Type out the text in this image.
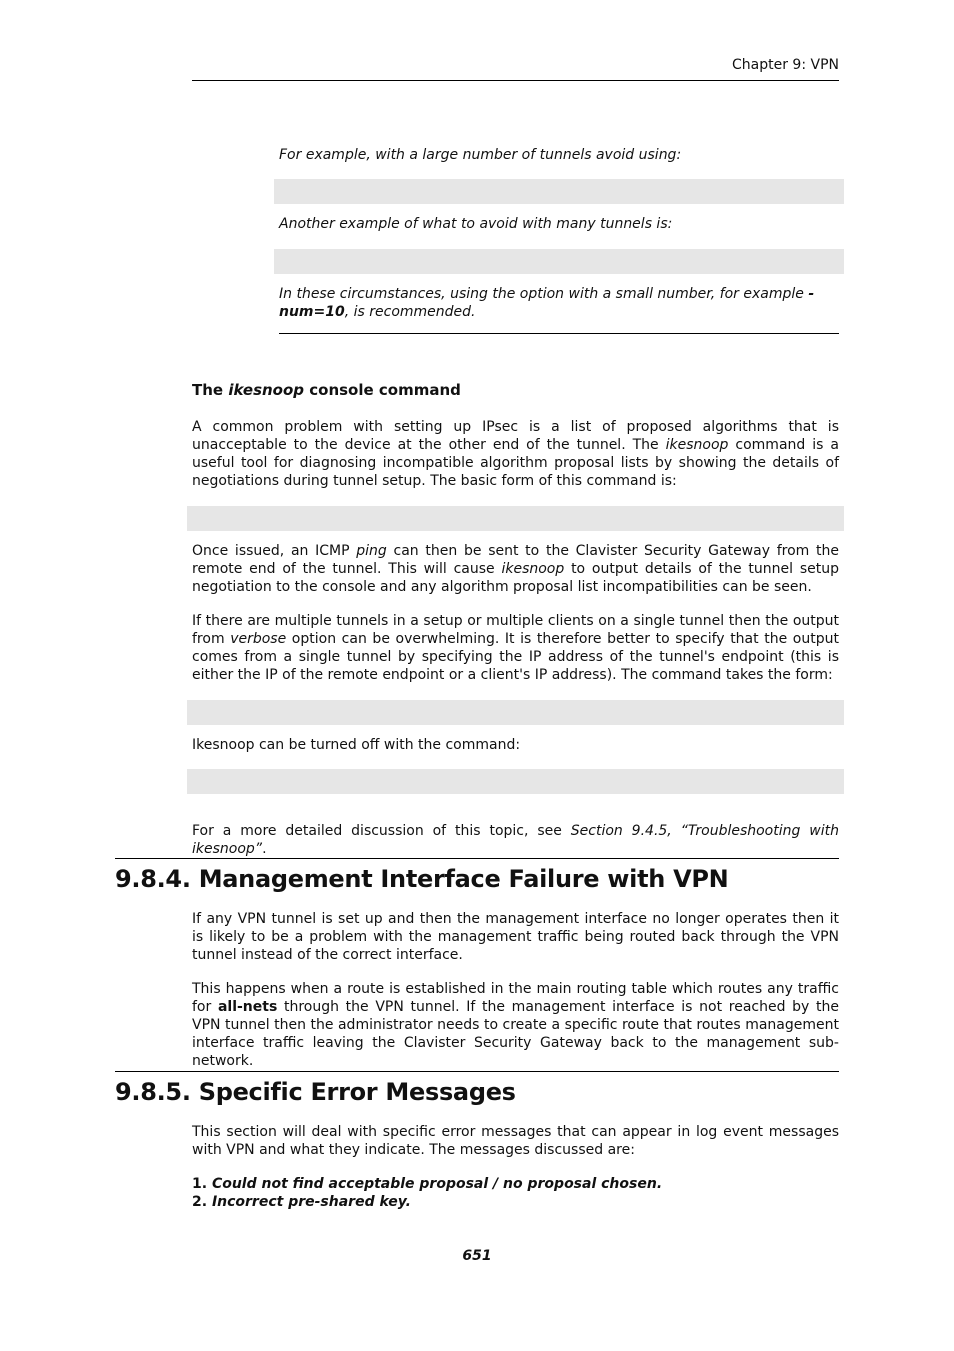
Chapter 9: VPN
For example, with a large number of tunnels avoid using:
Another example of what to avoid with many tunnels is:
In these circumstances, using the option with a small number, for example -num=10, is recommended.
The ikesnoop console command

A common problem with setting up IPsec is a list of proposed algorithms that is unacceptable to the device at the other end of the tunnel. The ikesnoop command is a useful tool for diagnosing incompatible algorithm proposal lists by showing the details of negotiations during tunnel setup. The basic form of this command is:

Once issued, an ICMP ping can then be sent to the Clavister Security Gateway from the remote end of the tunnel. This will cause ikesnoop to output details of the tunnel setup negotiation to the console and any algorithm proposal list incompatibilities can be seen.

If there are multiple tunnels in a setup or multiple clients on a single tunnel then the output from verbose option can be overwhelming. It is therefore better to specify that the output comes from a single tunnel by specifying the IP address of the tunnel's endpoint (this is either the IP of the remote endpoint or a client's IP address). The command takes the form:

Ikesnoop can be turned off with the command:

For a more detailed discussion of this topic, see Section 9.4.5, “Troubleshooting with ikesnoop”.

9.8.4. Management Interface Failure with VPN

If any VPN tunnel is set up and then the management interface no longer operates then it is likely to be a problem with the management traffic being routed back through the VPN tunnel instead of the correct interface.

This happens when a route is established in the main routing table which routes any traffic for all-nets through the VPN tunnel. If the management interface is not reached by the VPN tunnel then the administrator needs to create a specific route that routes management interface traffic leaving the Clavister Security Gateway back to the management sub-network.

9.8.5. Specific Error Messages

This section will deal with specific error messages that can appear in log event messages with VPN and what they indicate. The messages discussed are:

1. Could not find acceptable proposal / no proposal chosen.
2. Incorrect pre-shared key.
651
